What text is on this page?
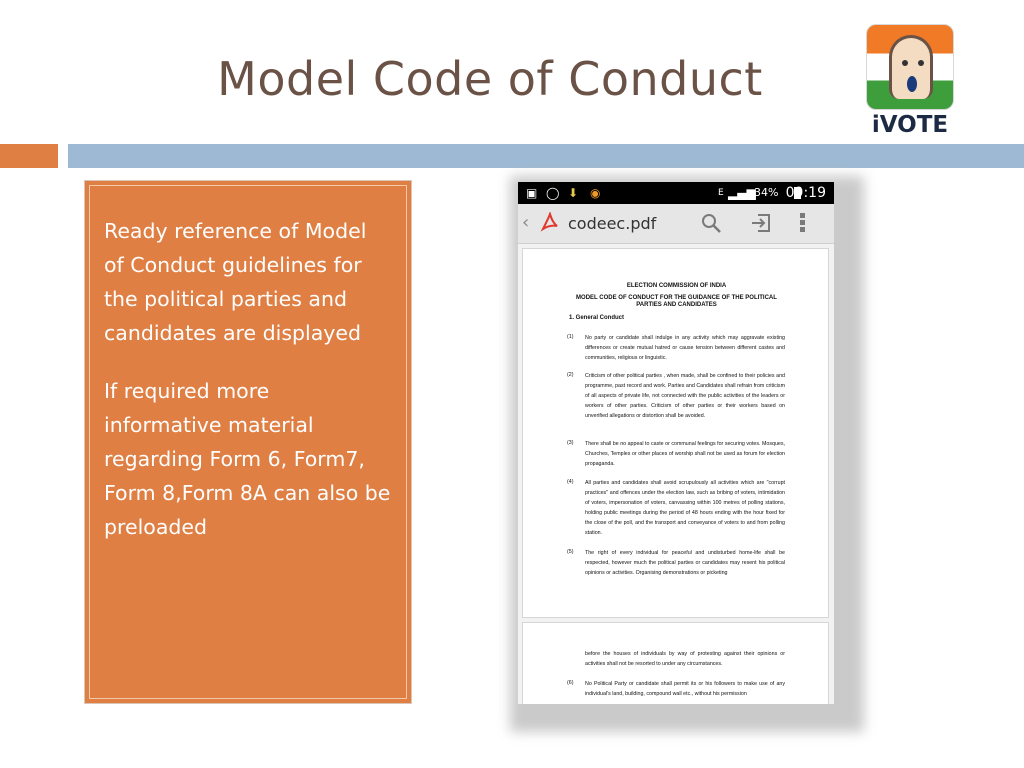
Model Code of Conduct
iVOTE

Ready reference of Model of Conduct guidelines for the political parties and candidates are displayed

If required more informative material regarding Form 6, Form7, Form 8,Form 8A can also be preloaded

▣ ◯ ⬇ ◉	E ▂▄▆
34% 09:19
‹ codeec.pdf
ELECTION COMMISSION OF INDIA
MODEL CODE OF CONDUCT FOR THE GUIDANCE OF THE POLITICAL
PARTIES AND CANDIDATES
1. General Conduct
(1) No party or candidate shall indulge in any activity which may aggravate existing differences or create mutual hatred or cause tension between different castes and communities, religious or linguistic.
(2) Criticism of other political parties , when made, shall be confined to their policies and programme, past record and work. Parties and Candidates shall refrain from criticism of all aspects of private life, not connected with the public activities of the leaders or workers of other parties. Criticism of other parties or their workers based on unverified allegations or distortion shall be avoided.
(3) There shall be no appeal to caste or communal feelings for securing votes. Mosques, Churches, Temples or other places of worship shall not be used as forum for election propaganda.
(4) All parties and candidates shall avoid scrupulously all activities which are "corrupt practices" and offences under the election law, such as bribing of voters, intimidation of voters, impersonation of voters, canvassing within 100 metres of polling stations, holding public meetings during the period of 48 hours ending with the hour fixed for the close of the poll, and the transport and conveyance of voters to and from polling station.
(5) The right of every individual for peaceful and undisturbed home-life shall be respected, however much the political parties or candidates may resent his political opinions or activities. Organising demonstrations or picketing
before the houses of individuals by way of protesting against their opinions or activities shall not be resorted to under any circumstances.
(6) No Political Party or candidate shall permit its or his followers to make use of any individual's land, building, compound wall etc., without his permission
